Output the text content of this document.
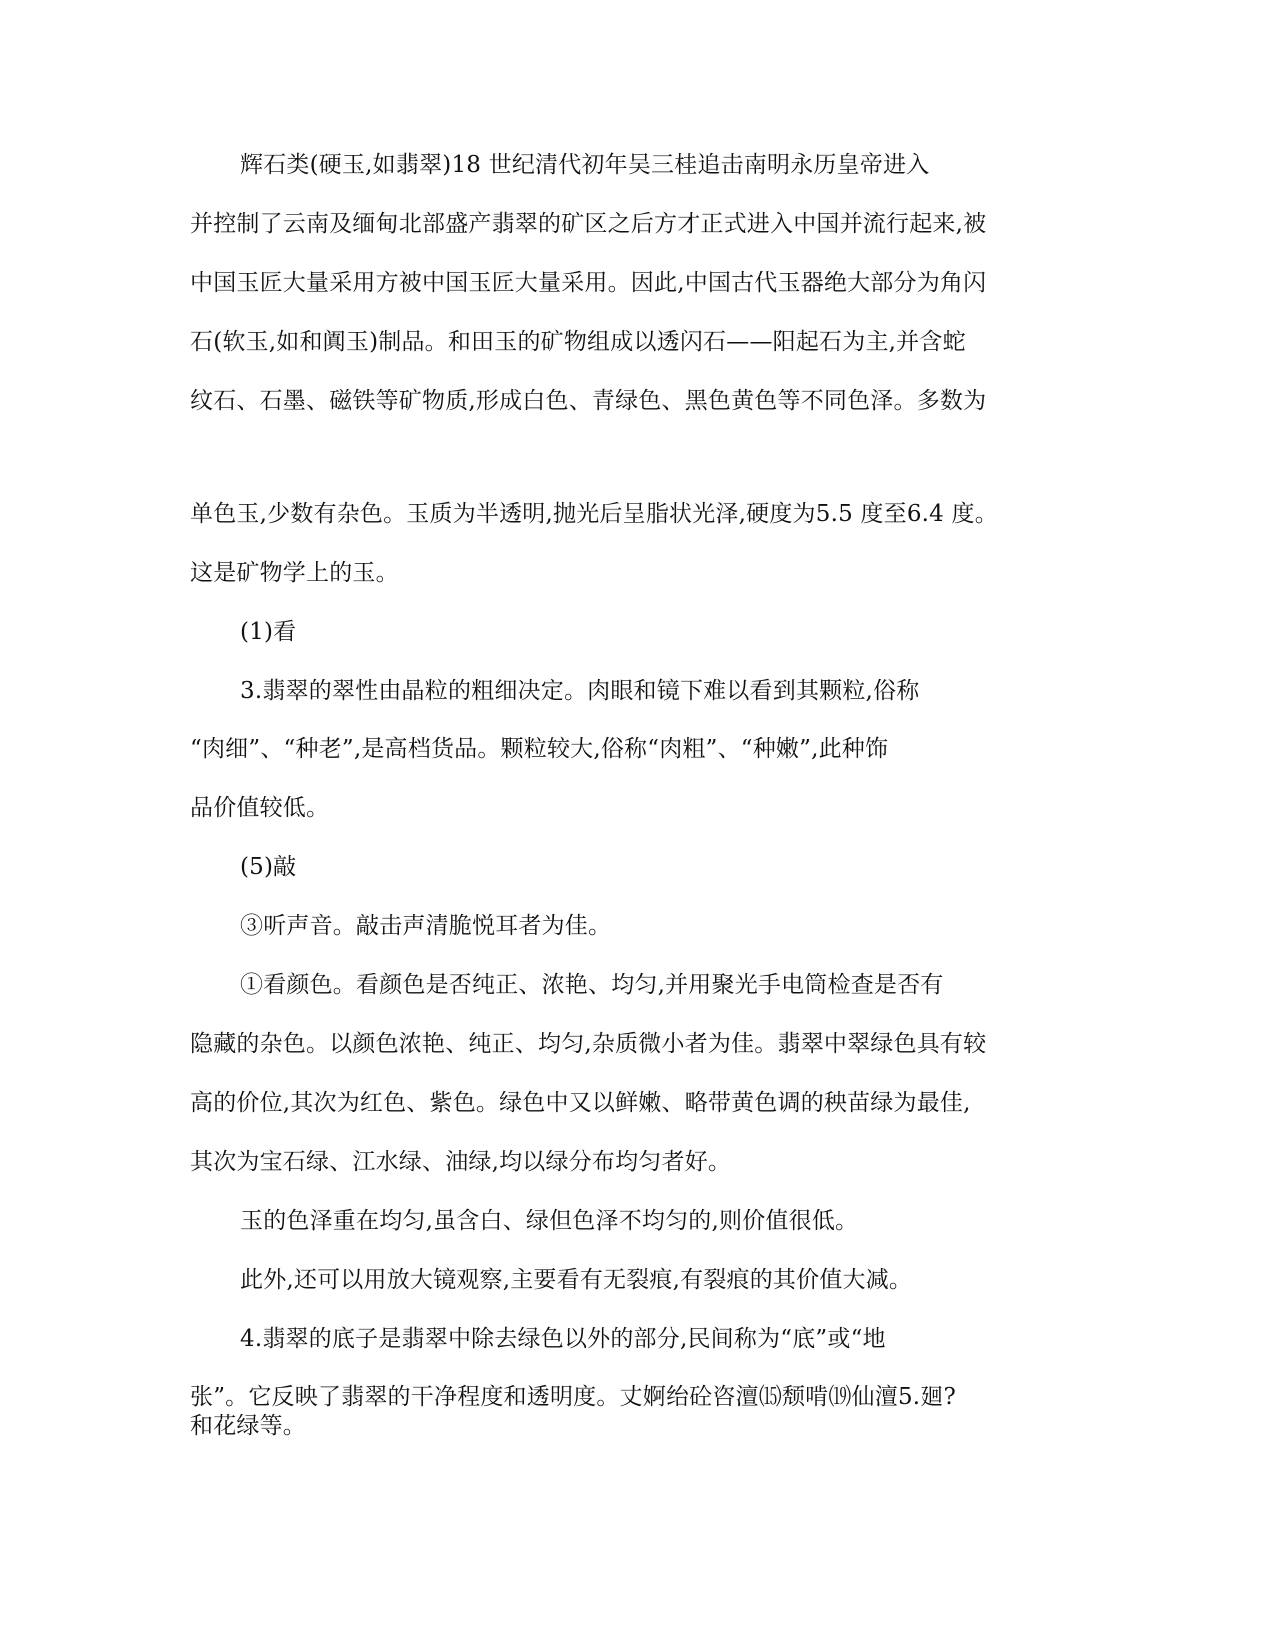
辉石类(硬玉,如翡翠)18 世纪清代初年吴三桂追击南明永历皇帝进入
并控制了云南及缅甸北部盛产翡翠的矿区之后方才正式进入中国并流行起来,被
中国玉匠大量采用方被中国玉匠大量采用。因此,中国古代玉器绝大部分为角闪
石(软玉,如和阗玉)制品。和田玉的矿物组成以透闪石——阳起石为主,并含蛇
纹石、石墨、磁铁等矿物质,形成白色、青绿色、黑色黄色等不同色泽。多数为
单色玉,少数有杂色。玉质为半透明,抛光后呈脂状光泽,硬度为5.5 度至6.4 度。
这是矿物学上的玉。
(1)看
3.翡翠的翠性由晶粒的粗细决定。肉眼和镜下难以看到其颗粒,俗称
“肉细”、“种老”,是高档货品。颗粒较大,俗称“肉粗”、“种嫩”,此种饰
品价值较低。
(5)敲
③听声音。敲击声清脆悦耳者为佳。
①看颜色。看颜色是否纯正、浓艳、均匀,并用聚光手电筒检查是否有
隐藏的杂色。以颜色浓艳、纯正、均匀,杂质微小者为佳。翡翠中翠绿色具有较
高的价位,其次为红色、紫色。绿色中又以鲜嫩、略带黄色调的秧苗绿为最佳,
其次为宝石绿、江水绿、油绿,均以绿分布均匀者好。
玉的色泽重在均匀,虽含白、绿但色泽不均匀的,则价值很低。
此外,还可以用放大镜观察,主要看有无裂痕,有裂痕的其价值大减。
4.翡翠的底子是翡翠中除去绿色以外的部分,民间称为“底”或“地
张”。它反映了翡翠的干净程度和透明度。丈婀绐砼咨澶⒂颓啃⒆仙澶5.廻?
和花绿等。
